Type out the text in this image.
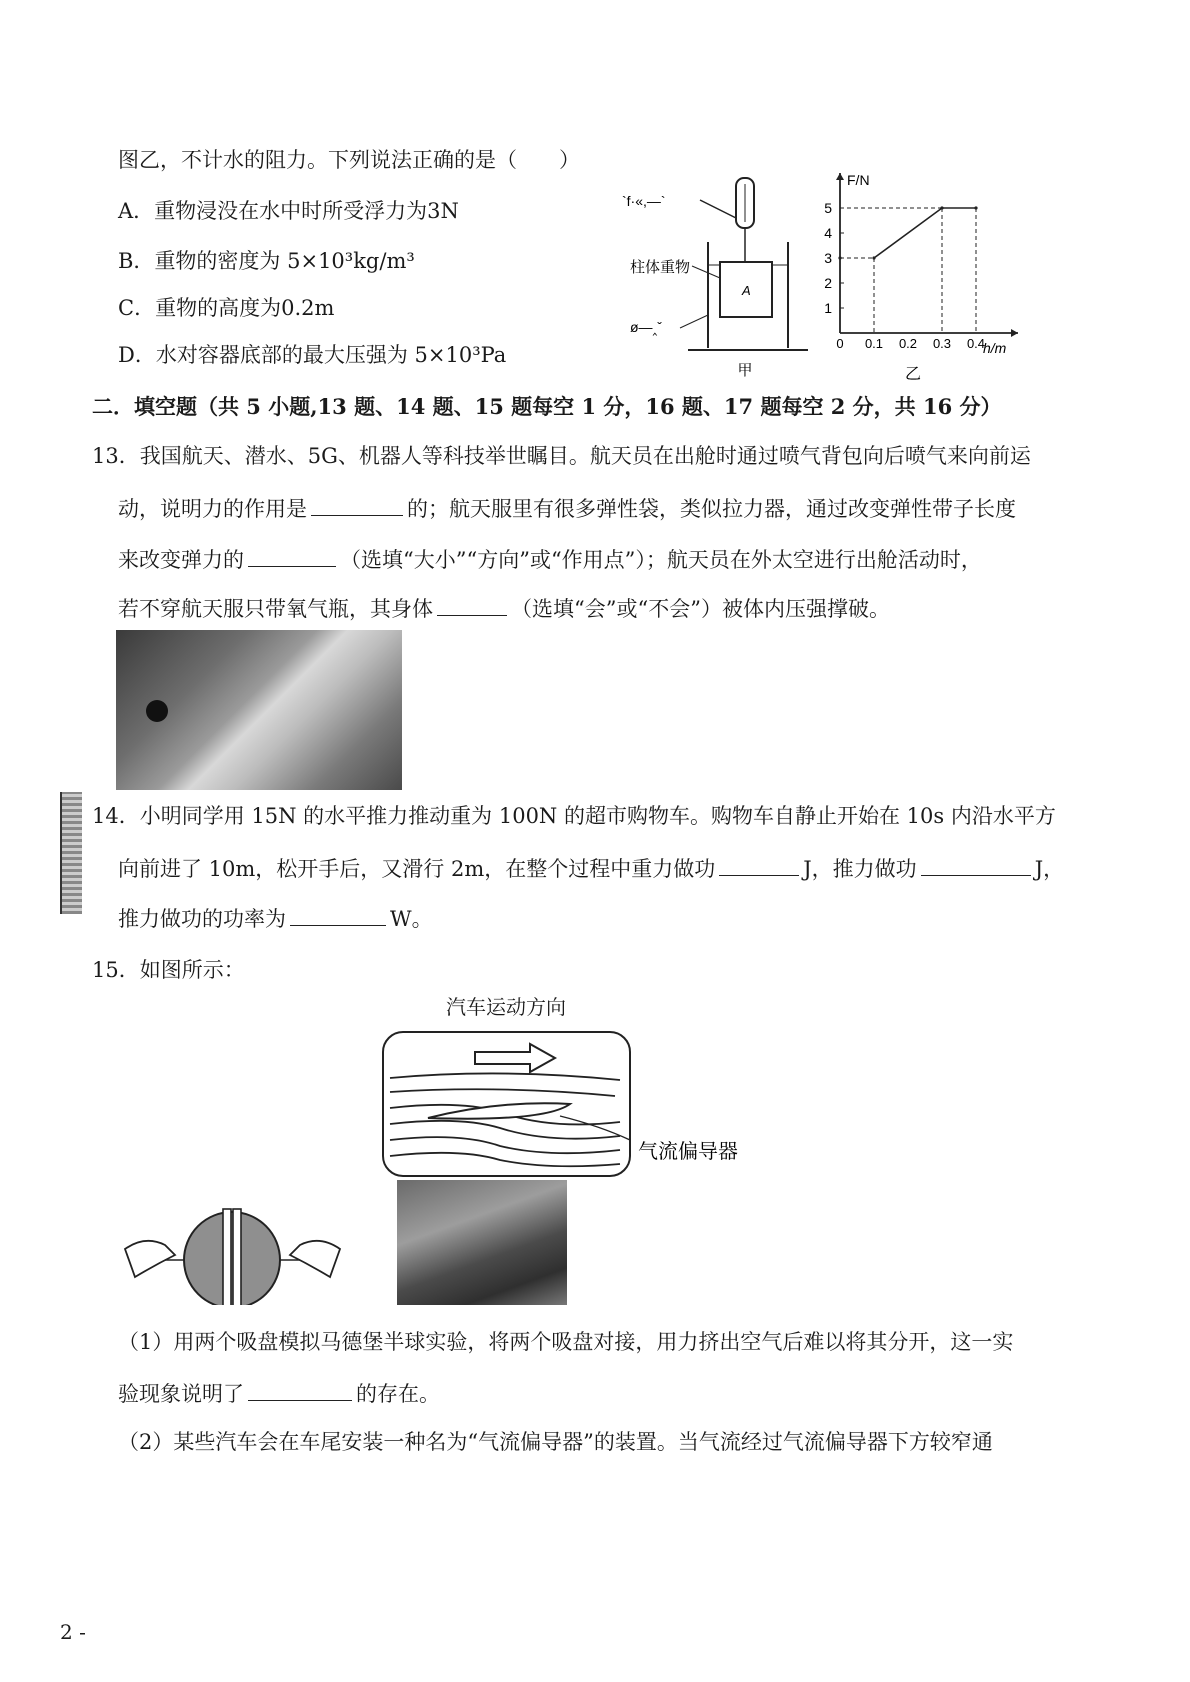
图乙，不计水的阻力。下列说法正确的是（　　）
A．重物浸没在水中时所受浮力为3N
B．重物的密度为 5×10³kg/m³
C．重物的高度为0.2m
D．水对容器底部的最大压强为 5×10³Pa
`f·«,—`
A
柱体重物
ø—‸ˇ
甲
0 0.1 0.2 0.3 0.4
1
2
3
4
5
F/N
h/m
乙
二．填空题（共 5 小题,13 题、14 题、15 题每空 1 分，16 题、17 题每空 2 分，共 16 分）
13．我国航天、潜水、5G、机器人等科技举世瞩目。航天员在出舱时通过喷气背包向后喷气来向前运
动，说明力的作用是	的；航天服里有很多弹性袋，类似拉力器，通过改变弹性带子长度
来改变弹力的	（选填“大小”“方向”或“作用点”）；航天员在外太空进行出舱活动时，
若不穿航天服只带氧气瓶，其身体	（选填“会”或“不会”）被体内压强撑破。
14．小明同学用 15N 的水平推力推动重为 100N 的超市购物车。购物车自静止开始在 10s 内沿水平方
向前进了 10m，松开手后，又滑行 2m，在整个过程中重力做功	J，推力做功	J，
推力做功的功率为	W。
15．如图所示：
汽车运动方向
气流偏导器
（1）用两个吸盘模拟马德堡半球实验，将两个吸盘对接，用力挤出空气后难以将其分开，这一实
验现象说明了	的存在。
（2）某些汽车会在车尾安装一种名为“气流偏导器”的装置。当气流经过气流偏导器下方较窄通
2 -
